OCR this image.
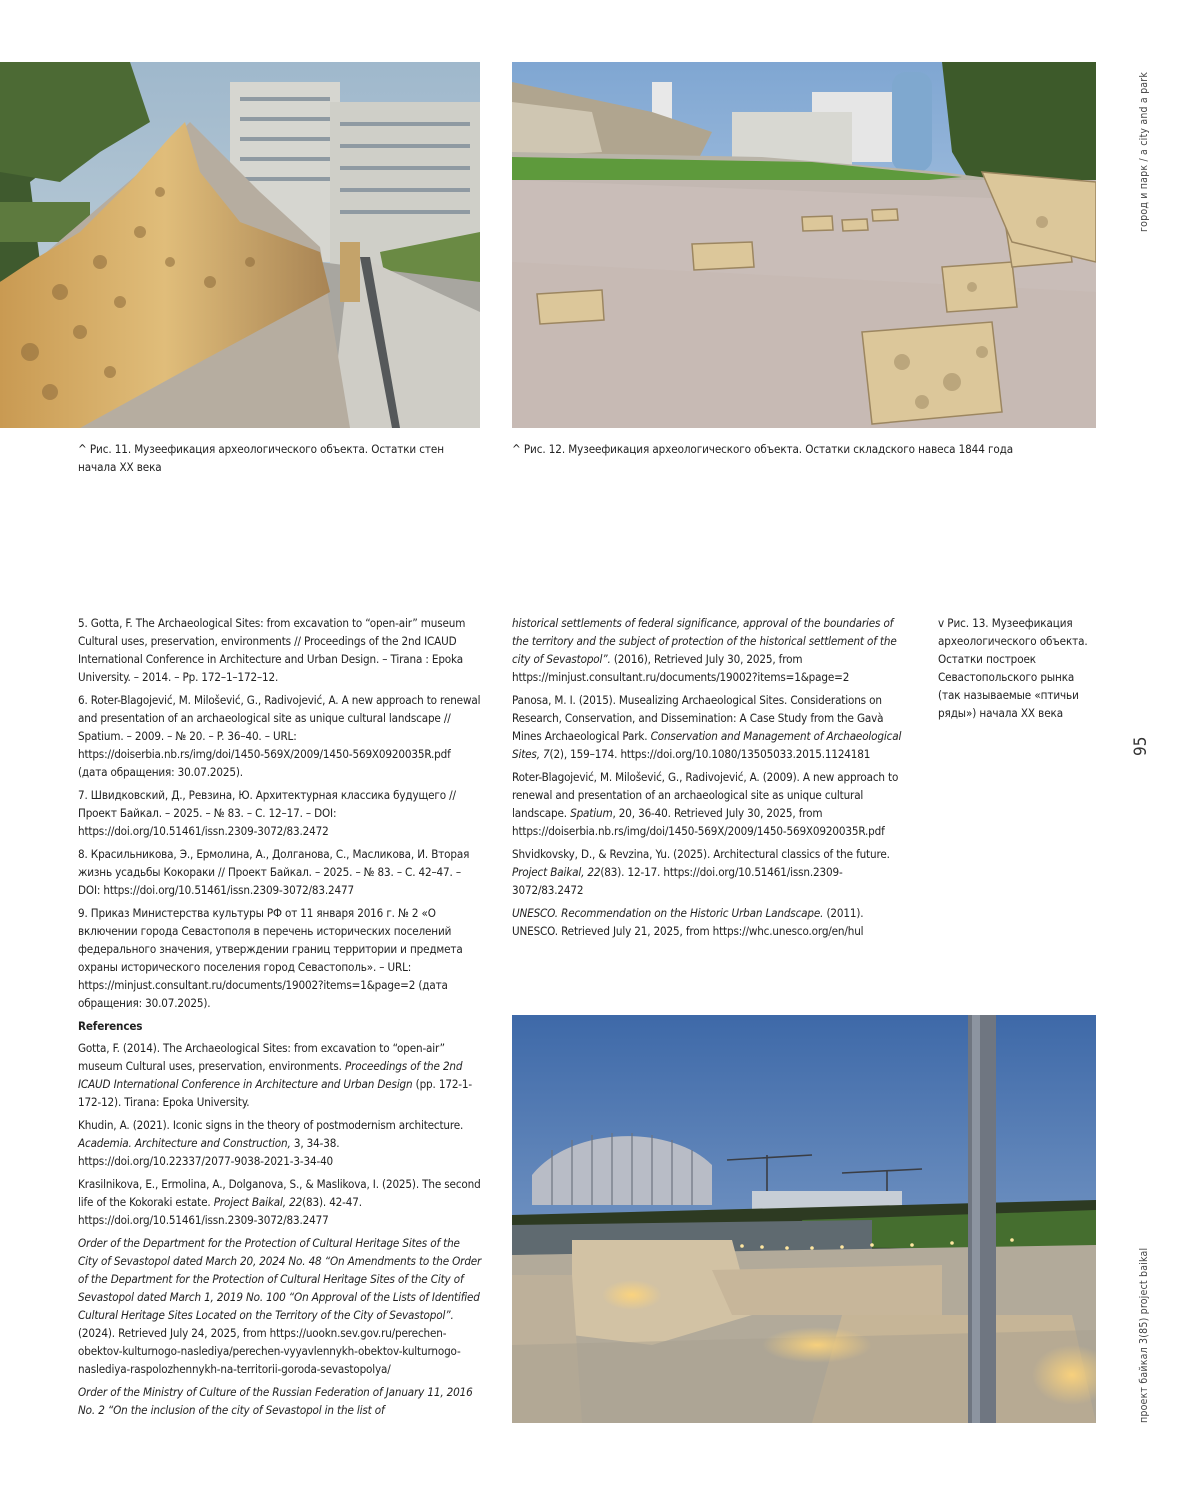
^ Рис. 11. Музеефикация археологического объекта. Остатки стен начала XX века
^ Рис. 12. Музеефикация археологического объекта. Остатки складского навеса 1844 года

5. Gotta, F. The Archaeological Sites: from excavation to “open-air” museum Cultural uses, preservation, environments // Proceedings of the 2nd ICAUD International Conference in Architecture and Urban Design. – Tirana : Epoka University. – 2014. – Pp. 172–1–172–12.

6. Roter-Blagojević, M. Milošević, G., Radivojević, A. A new approach to renewal and presentation of an archaeological site as unique cultural landscape // Spatium. – 2009. – № 20. – P. 36–40. – URL: https://doiserbia.nb.rs/img/doi/1450-569X/2009/1450-569X0920035R.pdf (дата обращения: 30.07.2025).

7. Швидковский, Д., Ревзина, Ю. Архитектурная классика будущего // Проект Байкал. – 2025. – № 83. – С. 12–17. – DOI: https://doi.org/10.51461/issn.2309-3072/83.2472

8. Красильникова, Э., Ермолина, А., Долганова, С., Масликова, И. Вторая жизнь усадьбы Кокораки // Проект Байкал. – 2025. – № 83. – С. 42–47. – DOI: https://doi.org/10.51461/issn.2309-3072/83.2477

9. Приказ Министерства культуры РФ от 11 января 2016 г. № 2 «О включении города Севастополя в перечень исторических поселений федерального значения, утверждении границ территории и предмета охраны исторического поселения город Севастополь». – URL: https://minjust.consultant.ru/documents/19002?items=1&page=2 (дата обращения: 30.07.2025).

References

Gotta, F. (2014). The Archaeological Sites: from excavation to “open-air” museum Cultural uses, preservation, environments. Proceedings of the 2nd ICAUD International Conference in Architecture and Urban Design (pp. 172-1-172-12). Tirana: Epoka University.

Khudin, A. (2021). Iconic signs in the theory of postmodernism architecture. Academia. Architecture and Construction, 3, 34-38. https://doi.org/10.22337/2077-9038-2021-3-34-40

Krasilnikova, E., Ermolina, A., Dolganova, S., & Maslikova, I. (2025). The second life of the Kokoraki estate. Project Baikal, 22(83). 42-47. https://doi.org/10.51461/issn.2309-3072/83.2477

Order of the Department for the Protection of Cultural Heritage Sites of the City of Sevastopol dated March 20, 2024 No. 48 “On Amendments to the Order of the Department for the Protection of Cultural Heritage Sites of the City of Sevastopol dated March 1, 2019 No. 100 “On Approval of the Lists of Identified Cultural Heritage Sites Located on the Territory of the City of Sevastopol”. (2024). Retrieved July 24, 2025, from https://uookn.sev.gov.ru/perechen-obektov-kulturnogo-naslediya/perechen-vyyavlennykh-obektov-kulturnogo-naslediya-raspolozhennykh-na-territorii-goroda-sevastopolya/

Order of the Ministry of Culture of the Russian Federation of January 11, 2016 No. 2 “On the inclusion of the city of Sevastopol in the list of

historical settlements of federal significance, approval of the boundaries of the territory and the subject of protection of the historical settlement of the city of Sevastopol”. (2016), Retrieved July 30, 2025, from https://minjust.consultant.ru/documents/19002?items=1&page=2

Panosa, M. I. (2015). Musealizing Archaeological Sites. Considerations on Research, Conservation, and Dissemination: A Case Study from the Gavà Mines Archaeological Park. Conservation and Management of Archaeological Sites, 7(2), 159–174. https://doi.org/10.1080/13505033.2015.1124181

Roter-Blagojević, M. Milošević, G., Radivojević, A. (2009). A new approach to renewal and presentation of an archaeological site as unique cultural landscape. Spatium, 20, 36-40. Retrieved July 30, 2025, from https://doiserbia.nb.rs/img/doi/1450-569X/2009/1450-569X0920035R.pdf

Shvidkovsky, D., & Revzina, Yu. (2025). Architectural classics of the future. Project Baikal, 22(83). 12-17. https://doi.org/10.51461/issn.2309-3072/83.2472

UNESCO. Recommendation on the Historic Urban Landscape. (2011). UNESCO. Retrieved July 21, 2025, from https://whc.unesco.org/en/hul

v Рис. 13. Музеефикация археологического объекта. Остатки построек Севастопольского рынка (так называемые «птичьи ряды») начала XX века
город и парк / a city and a park
95
проект байкал 3(85) project baikal
